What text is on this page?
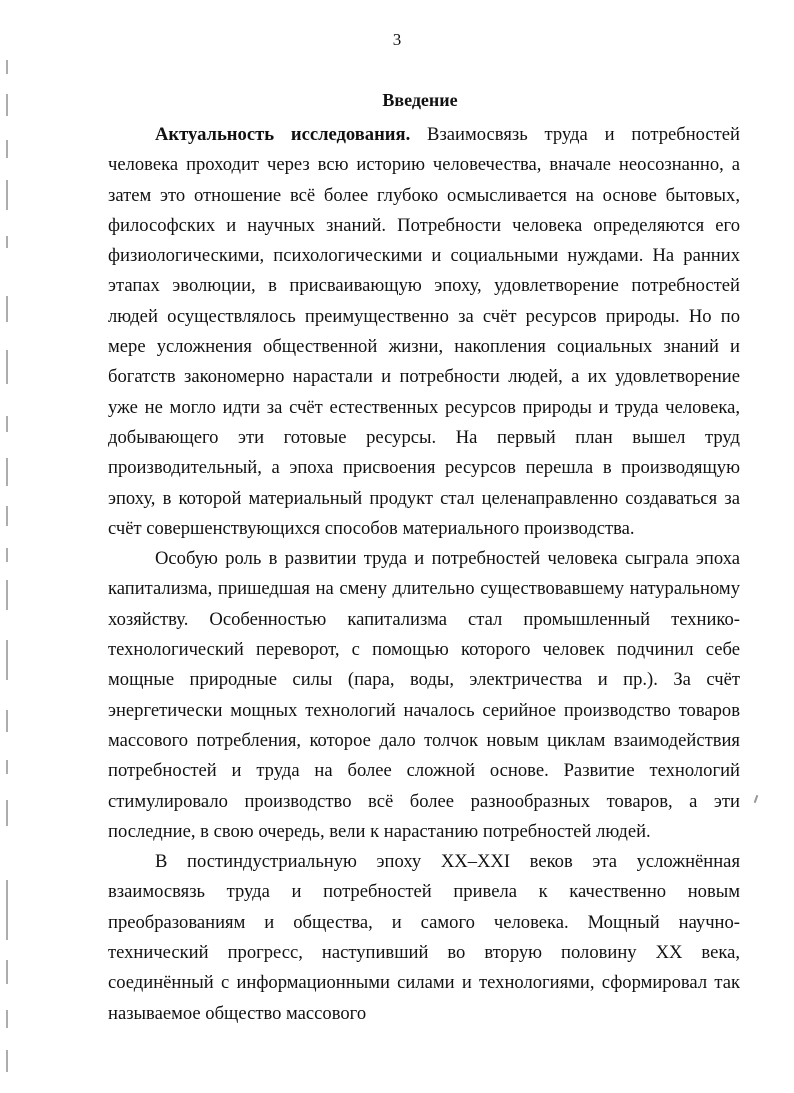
3
Введение

Актуальность исследования. Взаимосвязь труда и потребностей человека проходит через всю историю человечества, вначале неосознанно, а затем это отношение всё более глубоко осмысливается на основе бытовых, философских и научных знаний. Потребности человека определяются его физиологическими, психологическими и социальными нуждами. На ранних этапах эволюции, в присваивающую эпоху, удовлетворение потребностей людей осуществлялось преимущественно за счёт ресурсов природы. Но по мере усложнения общественной жизни, накопления социальных знаний и богатств закономерно нарастали и потребности людей, а их удовлетворение уже не могло идти за счёт естественных ресурсов природы и труда человека, добывающего эти готовые ресурсы. На первый план вышел труд производительный, а эпоха присвоения ресурсов перешла в производящую эпоху, в которой материальный продукт стал целенаправленно создаваться за счёт совершенствующихся способов материального производства.

Особую роль в развитии труда и потребностей человека сыграла эпоха капитализма, пришедшая на смену длительно существовавшему натуральному хозяйству. Особенностью капитализма стал промышленный технико-технологический переворот, с помощью которого человек подчинил себе мощные природные силы (пара, воды, электричества и пр.). За счёт энергетически мощных технологий началось серийное производство товаров массового потребления, которое дало толчок новым циклам взаимодействия потребностей и труда на более сложной основе. Развитие технологий стимулировало производство всё более разнообразных товаров, а эти последние, в свою очередь, вели к нарастанию потребностей людей.

В постиндустриальную эпоху XX–XXI веков эта усложнённая взаимосвязь труда и потребностей привела к качественно новым преобразованиям и общества, и самого человека. Мощный научно-технический прогресс, наступивший во вторую половину XX века, соединённый с информационными силами и технологиями, сформировал так называемое общество массового
